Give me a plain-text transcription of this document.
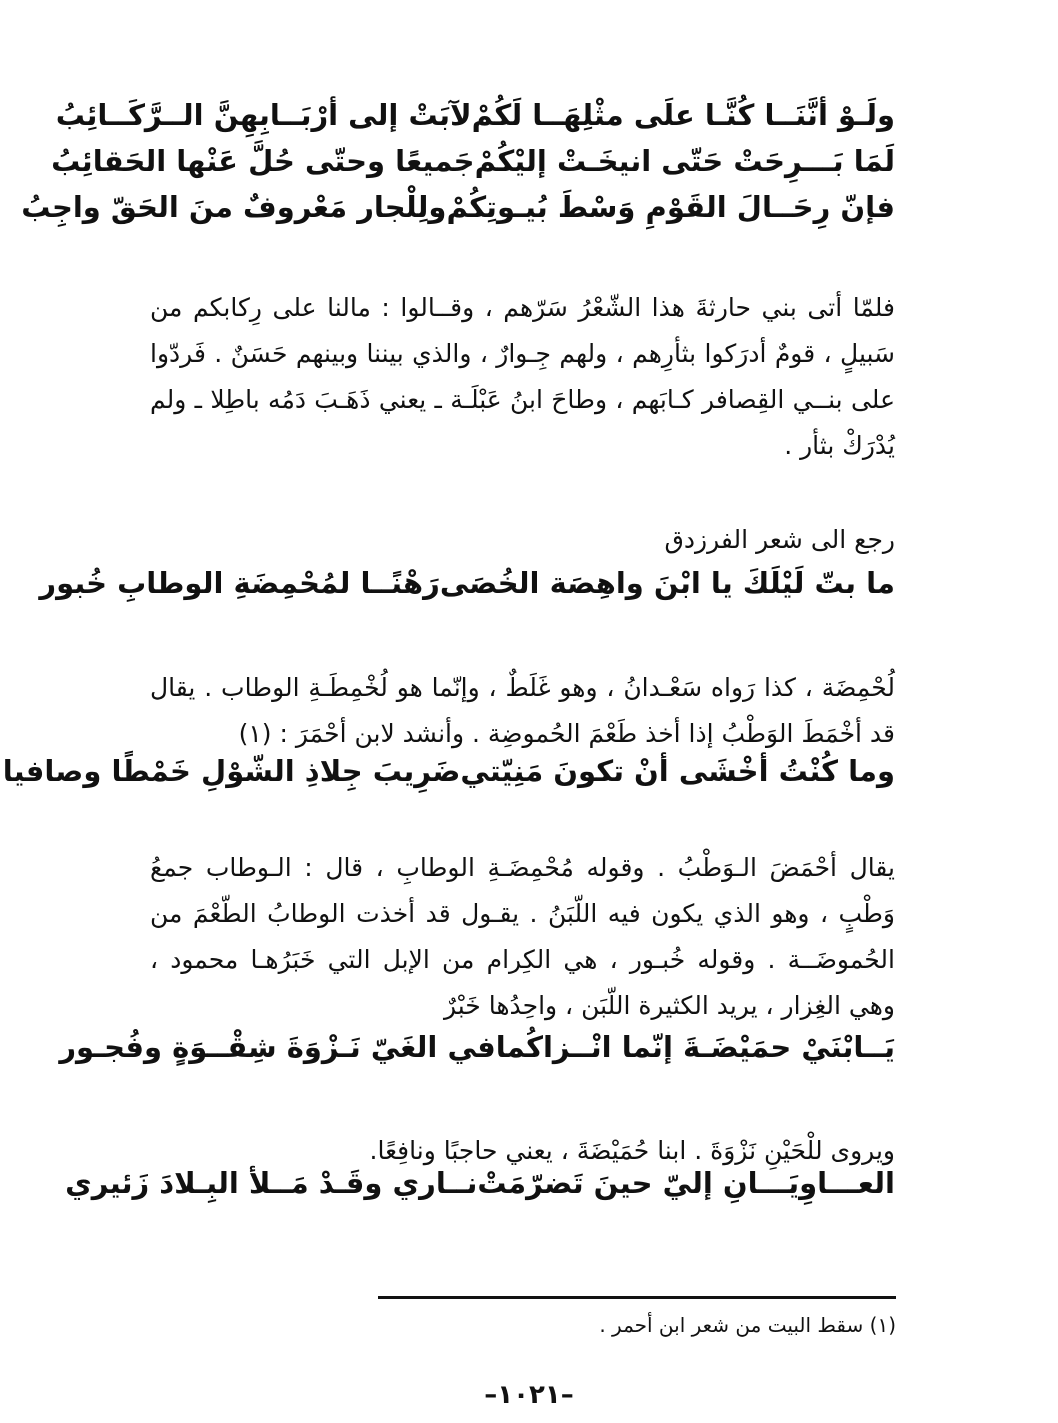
ولَـوْ أنَّنَــا كُنَّـا علَى مثْلِهَــا لَكُمْ
لآبَتْ إلى أرْبَــابِهِنَّ الــرَّكَــائِبُ
لَمَا بَـــرِحَتْ حَتّى انيخَـتْ إليْكُمْ
جَميعًا وحتّى حُلَّ عَنْها الحَقائِبُ
فإنّ رِحَــالَ القَوْمِ وَسْطَ بُيـوتِكُمْ
ولِلْجار مَعْروفٌ منَ الحَقّ واجِبُ
فلمّا أتى بني حارثةَ هذا الشّعْرُ سَرّهم ، وقــالوا : مالنا على رِكابكم من سَبيلٍ ، قومٌ أدرَكوا بثأرِهم ، ولهم جِـوارٌ ، والذي بيننا وبينهم حَسَنٌ . فَردّوا على بنــي القِصافر كـابَهم ، وطاحَ ابنُ عَبْلَـة ـ يعني ذَهَـبَ دَمُه باطِلا ـ ولم يُدْرَكْ بثأر .
رجع الى شعر الفرزدق
ما بتّ لَيْلَكَ يا ابْنَ واهِصَة الخُصَى
رَهْنًــا لمُحْمِضَةِ الوطابِ خُبور
لُحْمِضَة ، كذا رَواه سَعْـدانُ ، وهو غَلَطٌ ، وإنّما هو لُخْمِطَـةِ الوطاب . يقال قد أخْمَطَ الوَطْبُ إذا أخذ طَعْمَ الحُموضِة . وأنشد لابن أحْمَرَ : (١)
وما كُنْتُ أخْشَى أنْ تكونَ مَنِيّتي
ضَرِيبَ جِلاذِ الشّوْلِ خَمْطًا وصافيا
يقال أحْمَضَ الـوَطْبُ . وقوله مُحْمِضَـةِ الوطابِ ، قال : الـوطاب جمعُ وَطْبٍ ، وهو الذي يكون فيه اللّبَنُ . يقـول قد أخذت الوطابُ الطّعْمَ من الحُموضَــة . وقوله خُبـور ، هي الكِرام من الإبل التي خَبَرُهـا محمود ، وهي الغِزار ، يريد الكثيرة اللّبَن ، واحِدُها خَبْرٌ
يَــابْنَيْ حمَيْضَـةَ إنّما انْــزاكُما
في الغَيّ نَـزْوَةَ شِقْــوَةٍ وفُجـور
ويروى للْحَيْنِ نَزْوَةَ . ابنا حُمَيْضَةَ ، يعني حاجبًا ونافِعًا.
العـــاوِيَـــانِ إليّ حينَ تَضرّمَتْ
نــاري وقَـدْ مَــلأ البِـلادَ زَئيري
(١) سقط البيت من شعر ابن أحمر .
–١٠٢١–
